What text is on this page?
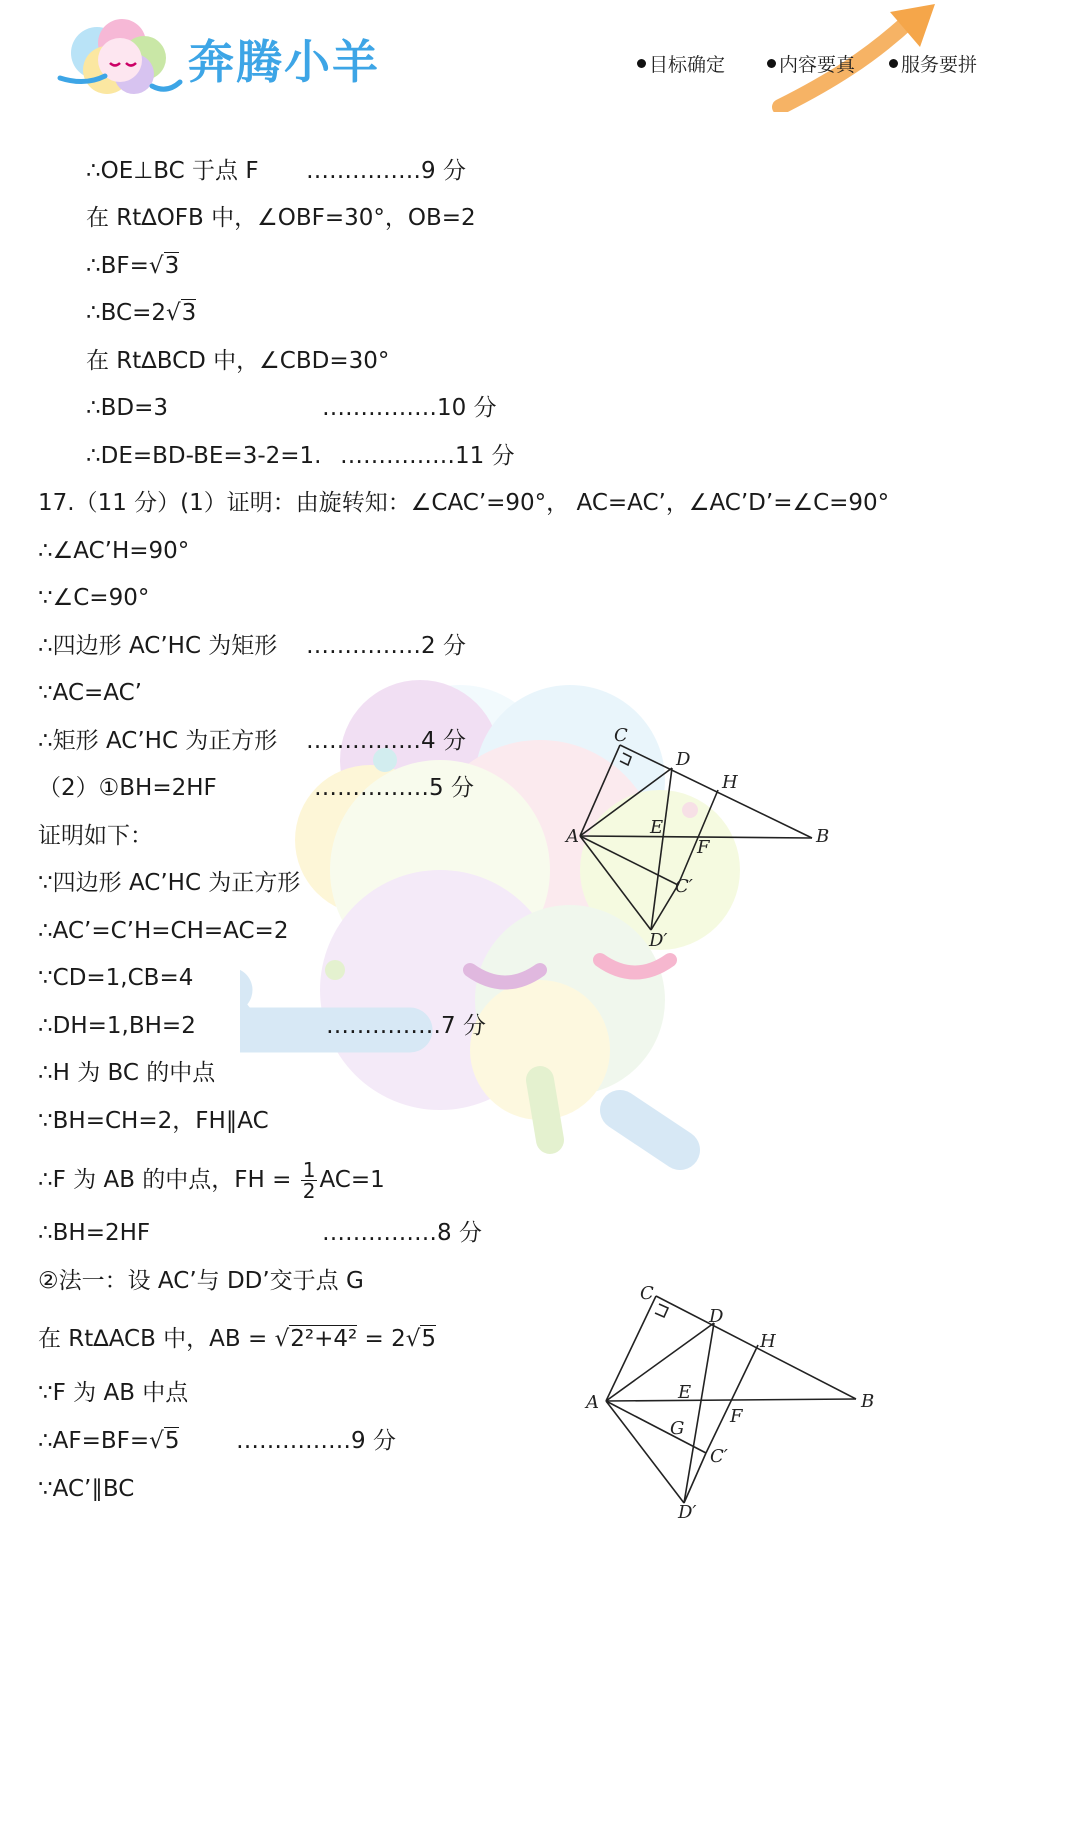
奔腾小羊	目标确定	内容要真	服务要拼
∴OE⊥BC 于点 F ……………9 分
在 Rt∆OFB 中，∠OBF=30°，OB=2
∴BF=√3
∴BC=2√3
在 Rt∆BCD 中，∠CBD=30°
∴BD=3	……………10 分
∴DE=BD-BE=3-2=1. ……………11 分
17.（11 分）(1）证明：由旋转知：∠CAC’=90°， AC=AC’，∠AC’D’=∠C=90°
∴∠AC’H=90°
∵∠C=90°
∴四边形 AC’HC 为矩形 ……………2 分
∵AC=AC’
∴矩形 AC’HC 为正方形 ……………4 分
（2）①BH=2HF	……………5 分
证明如下：
∵四边形 AC’HC 为正方形
∴AC’=C’H=CH=AC=2
∵CD=1,CB=4
∴DH=1,BH=2	……………7 分
∴H 为 BC 的中点
∵BH=CH=2，FH∥AC
∴F 为 AB 的中点，FH = $\frac{1}{2} AC=1$
∴BH=2HF	……………8 分
②法一：设 AC’与 DD’交于点 G
在 Rt∆ACB 中，AB = √2²+4² = 2√5
∵F 为 AB 中点
∴AF=BF=√5 ……………9 分
∵AC’∥BC
C
D
H
A	E
F
B
C′
D′
C
D
H
A	E	B
G
F
C′
D′
